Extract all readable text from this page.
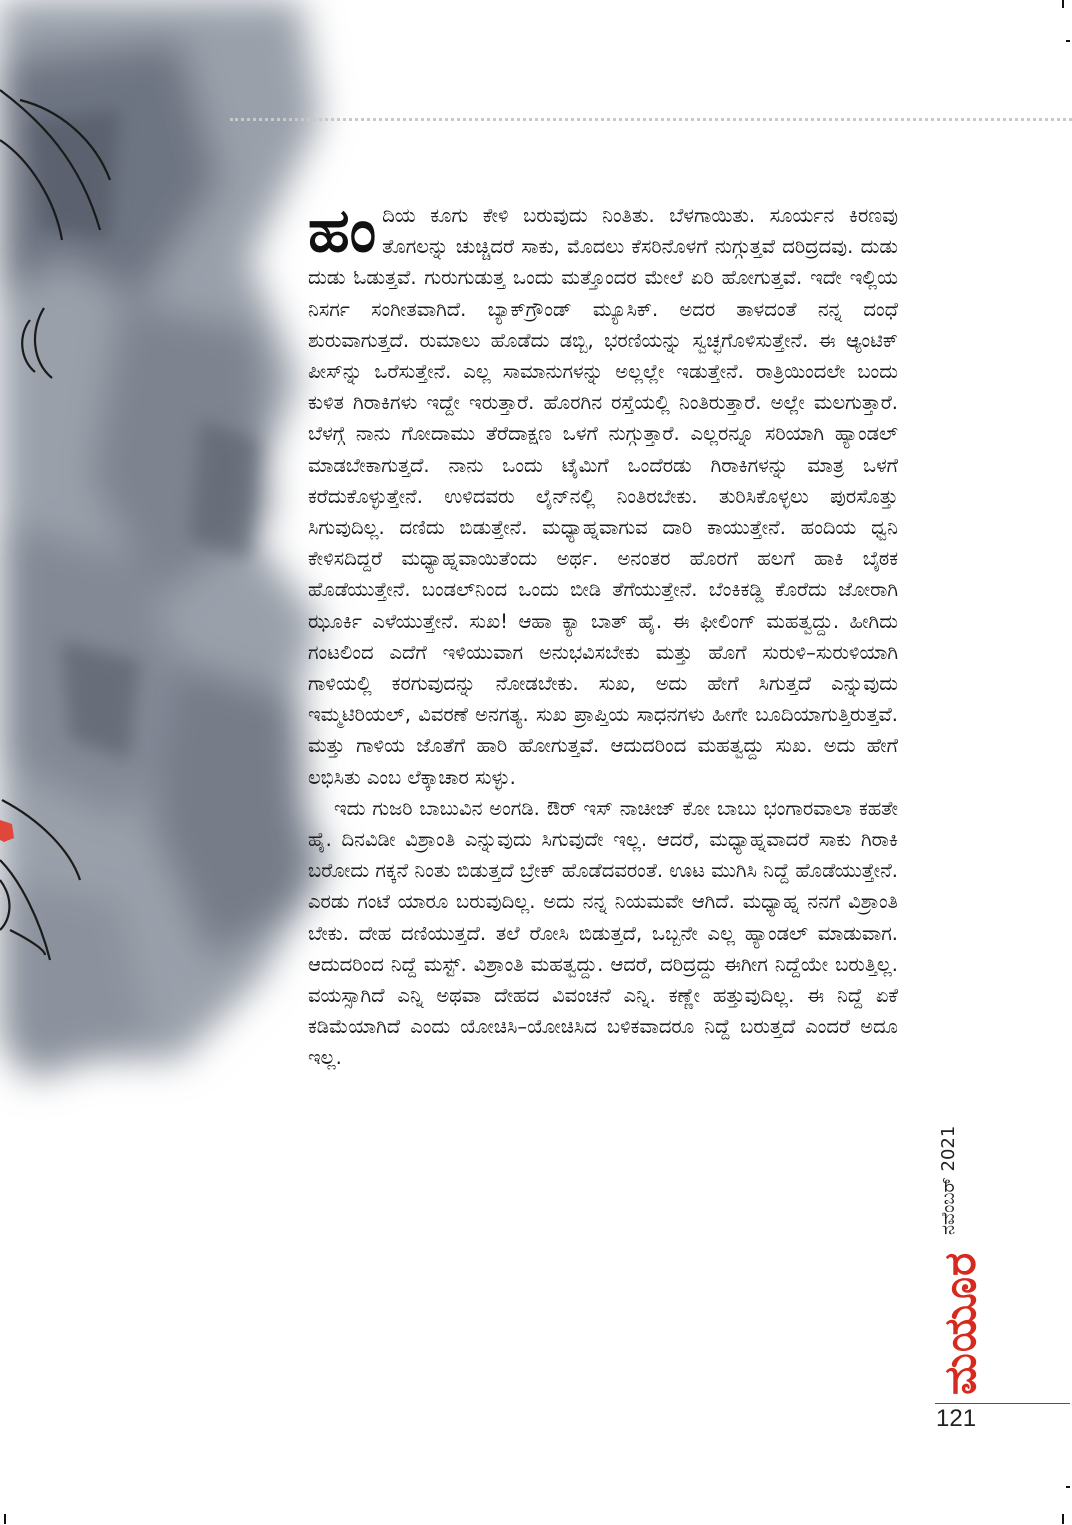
ಹಂದಿಯ ಕೂಗು ಕೇಳಿ ಬರುವುದು ನಿಂತಿತು. ಬೆಳಗಾಯಿತು. ಸೂರ್ಯನ ಕಿರಣವು ತೊಗಲನ್ನು ಚುಚ್ಚಿದರೆ ಸಾಕು, ಮೊದಲು ಕೆಸರಿನೊಳಗೆ ನುಗ್ಗುತ್ತವೆ ದರಿದ್ರದವು. ದುಡು ದುಡು ಓಡುತ್ತವೆ. ಗುರುಗುಡುತ್ತ ಒಂದು ಮತ್ತೊಂದರ ಮೇಲೆ ಏರಿ ಹೋಗುತ್ತವೆ. ಇದೇ ಇಲ್ಲಿಯ ನಿಸರ್ಗ ಸಂಗೀತವಾಗಿದೆ. ಬ್ಯಾಕ್‌ಗ್ರೌಂಡ್ ಮ್ಯೂಸಿಕ್. ಅದರ ತಾಳದಂತೆ ನನ್ನ ದಂಧೆ ಶುರುವಾಗುತ್ತದೆ. ರುಮಾಲು ಹೊಡೆದು ಡಬ್ಬಿ, ಭರಣಿಯನ್ನು ಸ್ವಚ್ಛಗೊಳಿಸುತ್ತೇನೆ. ಈ ಆ್ಯಂಟಿಕ್ ಪೀಸ್‌ನ್ನು ಒರೆಸುತ್ತೇನೆ. ಎಲ್ಲ ಸಾಮಾನುಗಳನ್ನು ಅಲ್ಲಲ್ಲೇ ಇಡುತ್ತೇನೆ. ರಾತ್ರಿಯಿಂದಲೇ ಬಂದು ಕುಳಿತ ಗಿರಾಕಿಗಳು ಇದ್ದೇ ಇರುತ್ತಾರೆ. ಹೊರಗಿನ ರಸ್ತೆಯಲ್ಲಿ ನಿಂತಿರುತ್ತಾರೆ. ಅಲ್ಲೇ ಮಲಗುತ್ತಾರೆ. ಬೆಳಗ್ಗೆ ನಾನು ಗೋದಾಮು ತೆರೆದಾಕ್ಷಣ ಒಳಗೆ ನುಗ್ಗುತ್ತಾರೆ. ಎಲ್ಲರನ್ನೂ ಸರಿಯಾಗಿ ಹ್ಯಾಂಡಲ್ ಮಾಡಬೇಕಾಗುತ್ತದೆ. ನಾನು ಒಂದು ಟೈಮಿಗೆ ಒಂದೆರಡು ಗಿರಾಕಿಗಳನ್ನು ಮಾತ್ರ ಒಳಗೆ ಕರೆದುಕೊಳ್ಳುತ್ತೇನೆ. ಉಳಿದವರು ಲೈನ್‌ನಲ್ಲಿ ನಿಂತಿರಬೇಕು. ತುರಿಸಿಕೊಳ್ಳಲು ಪುರಸೊತ್ತು ಸಿಗುವುದಿಲ್ಲ. ದಣಿದು ಬಿಡುತ್ತೇನೆ. ಮಧ್ಯಾಹ್ನವಾಗುವ ದಾರಿ ಕಾಯುತ್ತೇನೆ. ಹಂದಿಯ ಧ್ವನಿ ಕೇಳಿಸದಿದ್ದರೆ ಮಧ್ಯಾಹ್ನವಾಯಿತೆಂದು ಅರ್ಥ. ಅನಂತರ ಹೊರಗೆ ಹಲಗೆ ಹಾಕಿ ಬೈಠಕ ಹೊಡೆಯುತ್ತೇನೆ. ಬಂಡಲ್‌ನಿಂದ ಒಂದು ಬೀಡಿ ತೆಗೆಯುತ್ತೇನೆ. ಬೆಂಕಿಕಡ್ಡಿ ಕೊರೆದು ಜೋರಾಗಿ ಝೂರ್ಕಿ ಎಳೆಯುತ್ತೇನೆ. ಸುಖ! ಆಹಾ ಕ್ಯಾ ಬಾತ್ ಹೈ. ಈ ಫೀಲಿಂಗ್ ಮಹತ್ವದ್ದು. ಹೀಗಿದು ಗಂಟಲಿಂದ ಎದೆಗೆ ಇಳಿಯುವಾಗ ಅನುಭವಿಸಬೇಕು ಮತ್ತು ಹೊಗೆ ಸುರುಳಿ–ಸುರುಳಿಯಾಗಿ ಗಾಳಿಯಲ್ಲಿ ಕರಗುವುದನ್ನು ನೋಡಬೇಕು. ಸುಖ, ಅದು ಹೇಗೆ ಸಿಗುತ್ತದೆ ಎನ್ನುವುದು ಇಮ್ಮಟಿರಿಯಲ್, ವಿವರಣೆ ಅನಗತ್ಯ. ಸುಖ ಪ್ರಾಪ್ತಿಯ ಸಾಧನಗಳು ಹೀಗೇ ಬೂದಿಯಾಗುತ್ತಿರುತ್ತವೆ. ಮತ್ತು ಗಾಳಿಯ ಜೊತೆಗೆ ಹಾರಿ ಹೋಗುತ್ತವೆ. ಆದುದರಿಂದ ಮಹತ್ವದ್ದು ಸುಖ. ಅದು ಹೇಗೆ ಲಭಿಸಿತು ಎಂಬ ಲೆಕ್ಕಾಚಾರ ಸುಳ್ಳು.

ಇದು ಗುಜರಿ ಬಾಬುವಿನ ಅಂಗಡಿ. ಔರ್ ಇಸ್ ನಾಚೀಜ್ ಕೋ ಬಾಬು ಭಂಗಾರವಾಲಾ ಕಹತೇ ಹೈ. ದಿನವಿಡೀ ವಿಶ್ರಾಂತಿ ಎನ್ನುವುದು ಸಿಗುವುದೇ ಇಲ್ಲ. ಆದರೆ, ಮಧ್ಯಾಹ್ನವಾದರೆ ಸಾಕು ಗಿರಾಕಿ ಬರೋದು ಗಕ್ಕನೆ ನಿಂತು ಬಿಡುತ್ತದೆ ಬ್ರೇಕ್ ಹೊಡೆದವರಂತೆ. ಊಟ ಮುಗಿಸಿ ನಿದ್ದೆ ಹೊಡೆಯುತ್ತೇನೆ. ಎರಡು ಗಂಟೆ ಯಾರೂ ಬರುವುದಿಲ್ಲ. ಅದು ನನ್ನ ನಿಯಮವೇ ಆಗಿದೆ. ಮಧ್ಯಾಹ್ನ ನನಗೆ ವಿಶ್ರಾಂತಿ ಬೇಕು. ದೇಹ ದಣಿಯುತ್ತದೆ. ತಲೆ ರೋಸಿ ಬಿಡುತ್ತದೆ, ಒಬ್ಬನೇ ಎಲ್ಲ ಹ್ಯಾಂಡಲ್ ಮಾಡುವಾಗ. ಆದುದರಿಂದ ನಿದ್ದೆ ಮಸ್ಟ್. ವಿಶ್ರಾಂತಿ ಮಹತ್ವದ್ದು. ಆದರೆ, ದರಿದ್ರದ್ದು ಈಗೀಗ ನಿದ್ದೆಯೇ ಬರುತ್ತಿಲ್ಲ. ವಯಸ್ಸಾಗಿದೆ ಎನ್ನಿ ಅಥವಾ ದೇಹದ ವಿವಂಚನೆ ಎನ್ನಿ. ಕಣ್ಣೇ ಹತ್ತುವುದಿಲ್ಲ. ಈ ನಿದ್ದೆ ಏಕೆ ಕಡಿಮೆಯಾಗಿದೆ ಎಂದು ಯೋಚಿಸಿ–ಯೋಚಿಸಿದ ಬಳಿಕವಾದರೂ ನಿದ್ದೆ ಬರುತ್ತದೆ ಎಂದರೆ ಅದೂ ಇಲ್ಲ.

ನವೆಂಬರ್ 2021
ಮಯೂರ
121
